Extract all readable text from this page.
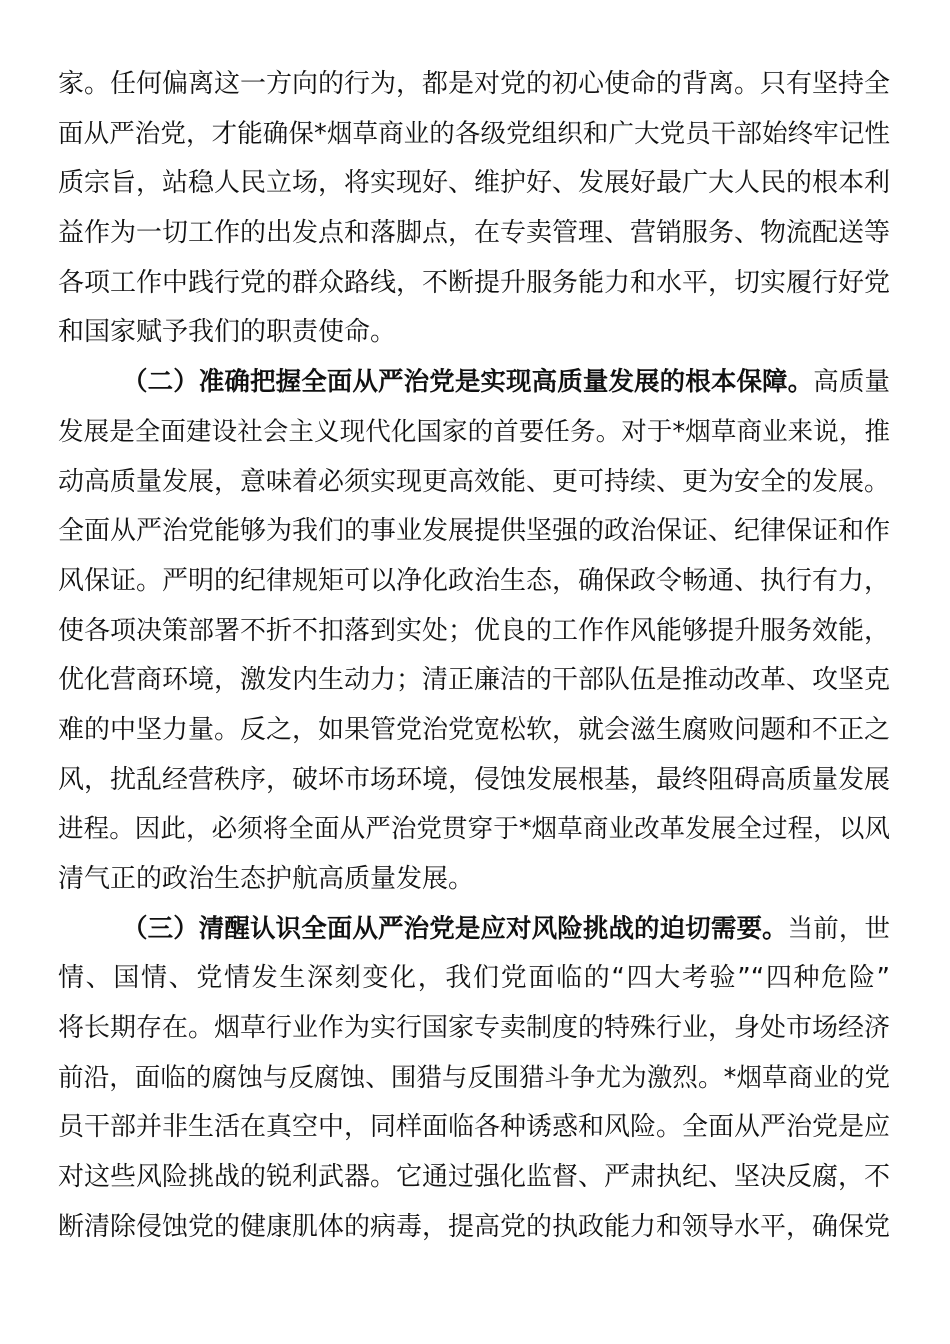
家。任何偏离这一方向的行为，都是对党的初心使命的背离。只有坚持全
面从严治党，才能确保*烟草商业的各级党组织和广大党员干部始终牢记性
质宗旨，站稳人民立场，将实现好、维护好、发展好最广大人民的根本利
益作为一切工作的出发点和落脚点，在专卖管理、营销服务、物流配送等
各项工作中践行党的群众路线，不断提升服务能力和水平，切实履行好党
和国家赋予我们的职责使命。
（二）准确把握全面从严治党是实现高质量发展的根本保障。高质量
发展是全面建设社会主义现代化国家的首要任务。对于*烟草商业来说，推
动高质量发展，意味着必须实现更高效能、更可持续、更为安全的发展。
全面从严治党能够为我们的事业发展提供坚强的政治保证、纪律保证和作
风保证。严明的纪律规矩可以净化政治生态，确保政令畅通、执行有力，
使各项决策部署不折不扣落到实处；优良的工作作风能够提升服务效能，
优化营商环境，激发内生动力；清正廉洁的干部队伍是推动改革、攻坚克
难的中坚力量。反之，如果管党治党宽松软，就会滋生腐败问题和不正之
风，扰乱经营秩序，破坏市场环境，侵蚀发展根基，最终阻碍高质量发展
进程。因此，必须将全面从严治党贯穿于*烟草商业改革发展全过程，以风
清气正的政治生态护航高质量发展。
（三）清醒认识全面从严治党是应对风险挑战的迫切需要。当前，世
情、国情、党情发生深刻变化，我们党面临的“四大考验”“四种危险”
将长期存在。烟草行业作为实行国家专卖制度的特殊行业，身处市场经济
前沿，面临的腐蚀与反腐蚀、围猎与反围猎斗争尤为激烈。*烟草商业的党
员干部并非生活在真空中，同样面临各种诱惑和风险。全面从严治党是应
对这些风险挑战的锐利武器。它通过强化监督、严肃执纪、坚决反腐，不
断清除侵蚀党的健康肌体的病毒，提高党的执政能力和领导水平，确保党
